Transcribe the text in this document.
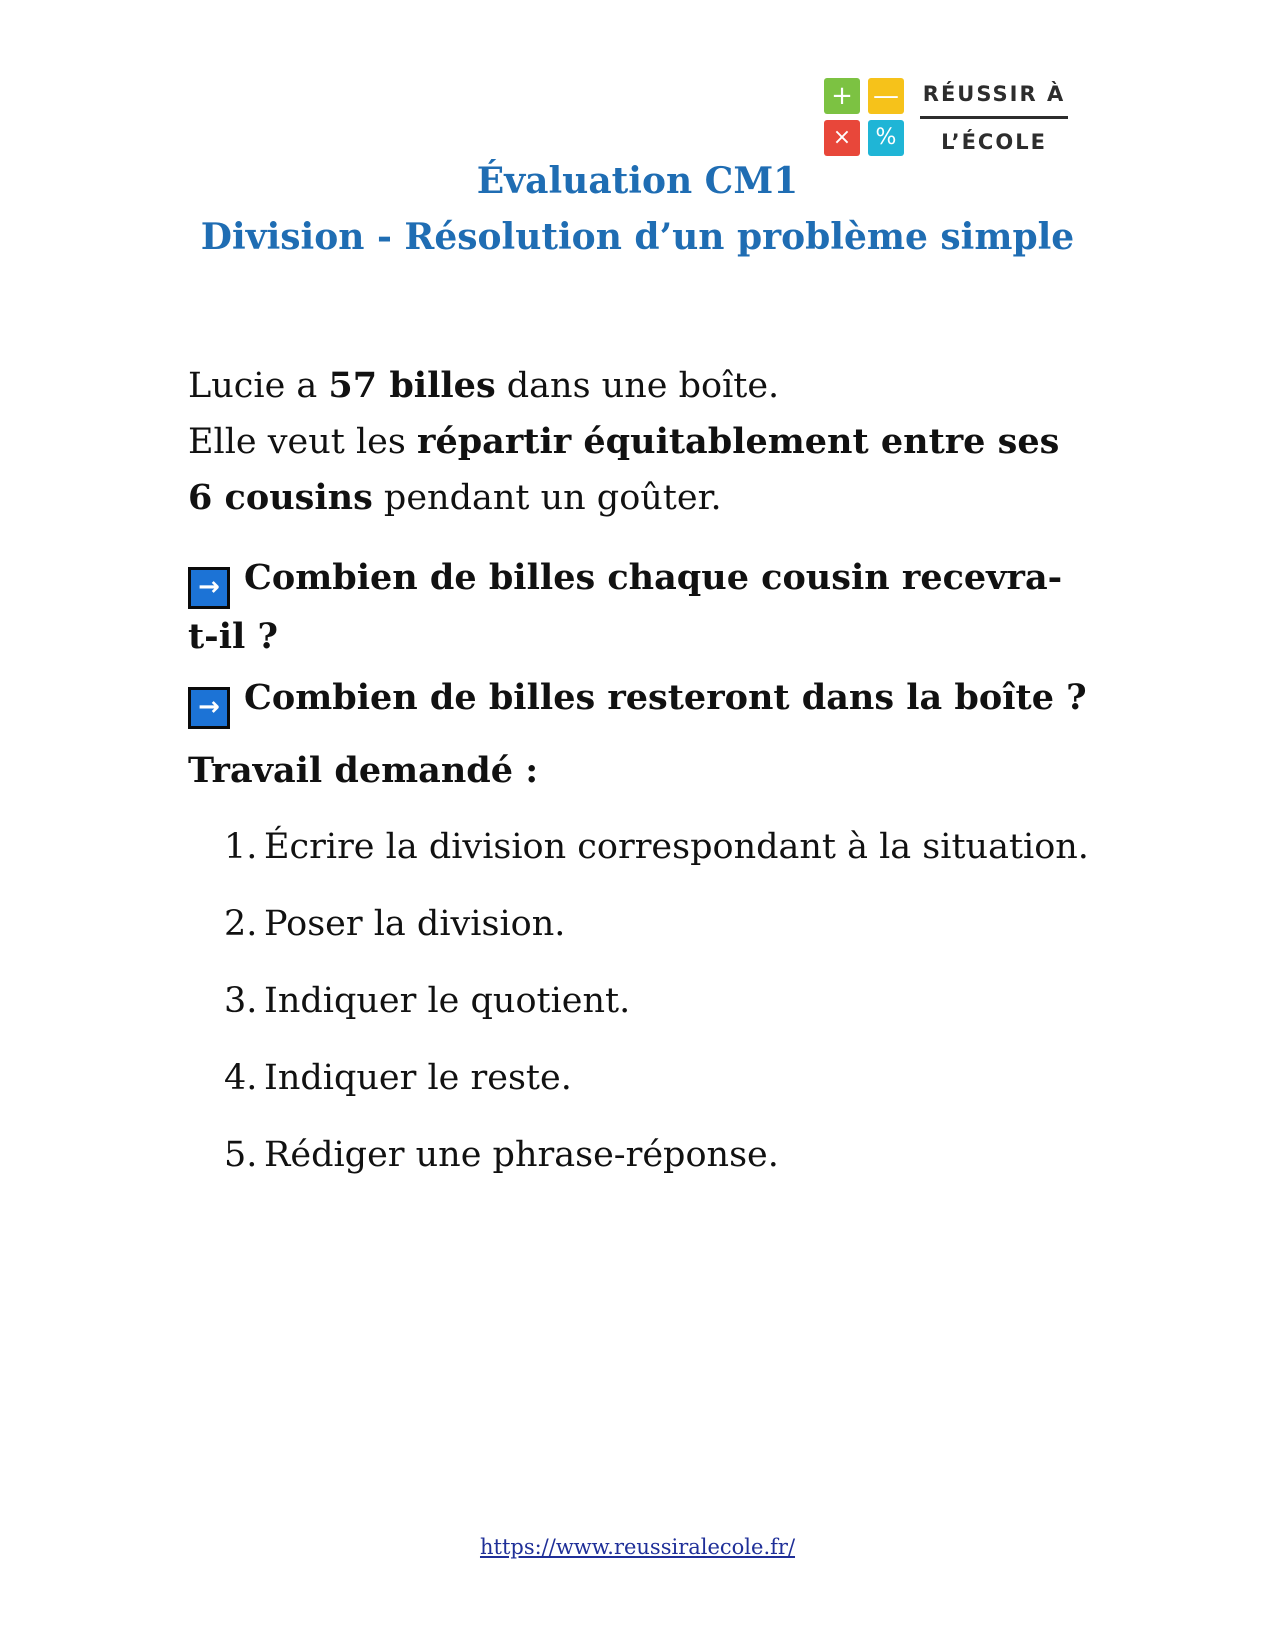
+ —
×	%
RÉUSSIR À
L’ÉCOLE
Évaluation CM1
Division - Résolution d’un problème simple
Lucie a 57 billes dans une boîte.
Elle veut les répartir équitablement entre ses 6 cousins pendant un goûter.
→ Combien de billes chaque cousin recevra-t-il ?
→ Combien de billes resteront dans la boîte ?
Travail demandé :
1. Écrire la division correspondant à la situation.
2. Poser la division.
3. Indiquer le quotient.
4. Indiquer le reste.
5. Rédiger une phrase-réponse.
https://www.reussiralecole.fr/
